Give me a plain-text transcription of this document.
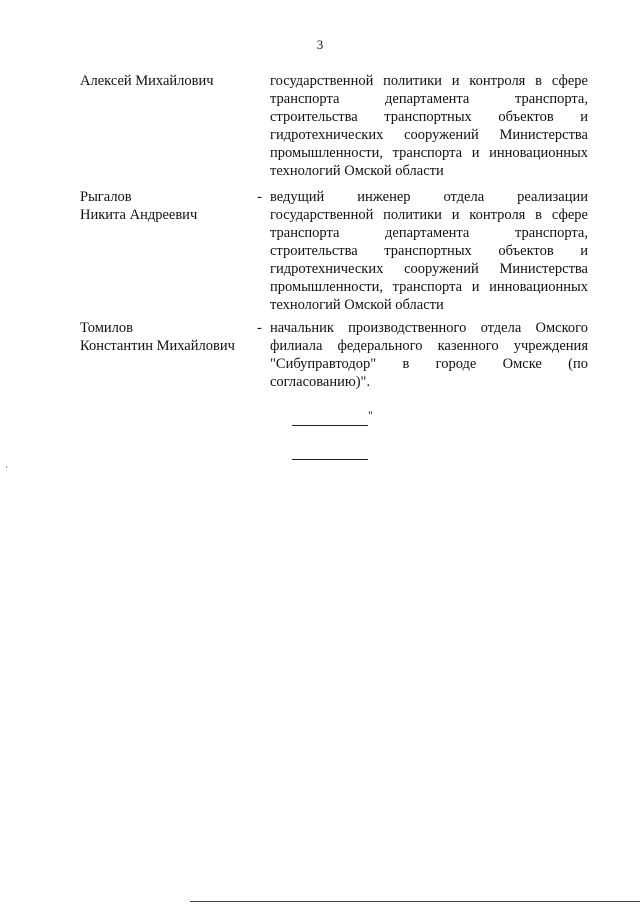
3
Алексей Михайлович	государственной политики и контроля в сфере
транспорта департамента транспорта,
строительства транспортных объектов и
гидротехнических сооружений Министерства
промышленности, транспорта и инновационных
технологий Омской области
Рыгалов
Никита Андреевич
- ведущий инженер отдела реализации
государственной политики и контроля в сфере
транспорта департамента транспорта,
строительства транспортных объектов и
гидротехнических сооружений Министерства
промышленности, транспорта и инновационных
технологий Омской области
Томилов
Константин Михайлович
- начальник производственного отдела Омского
филиала федерального казенного учреждения
"Сибуправтодор" в городе Омске (по
согласованию)".
"
